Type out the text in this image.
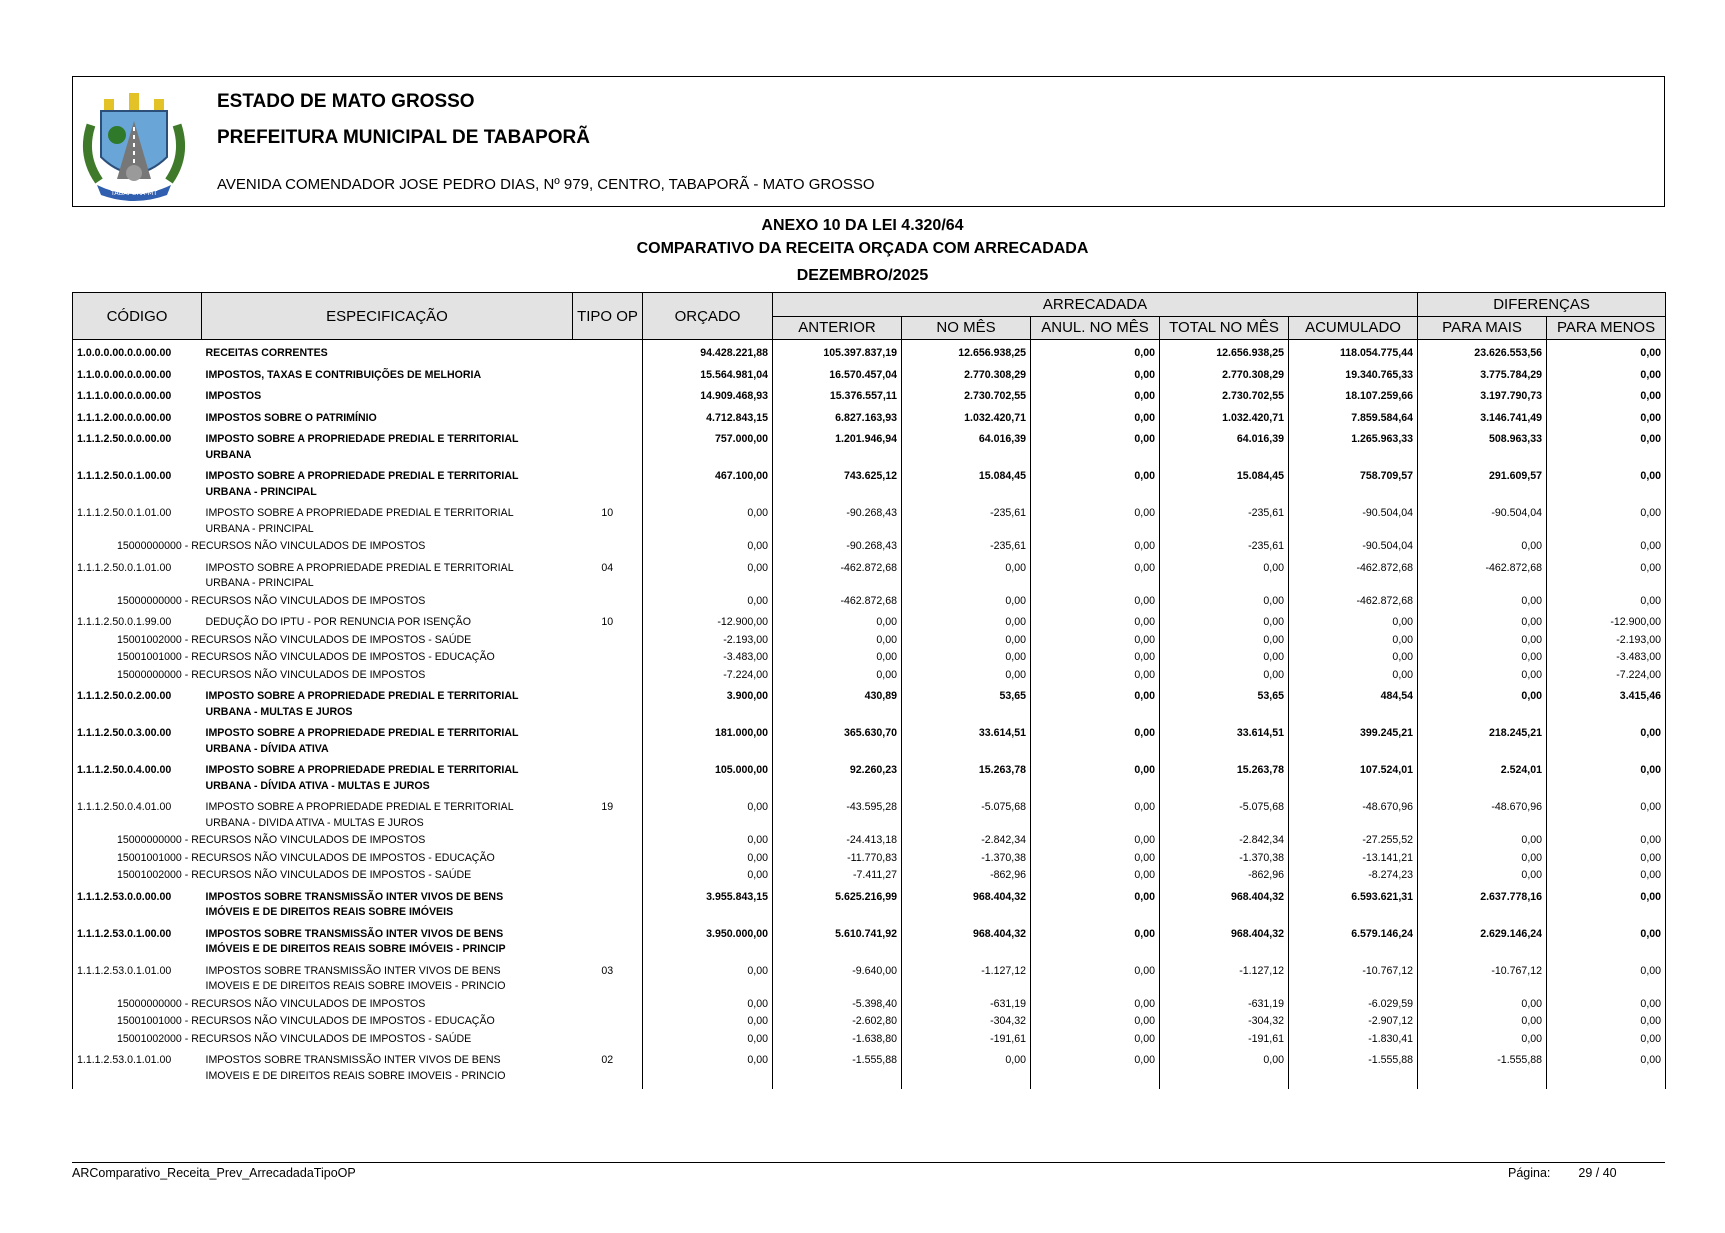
TABAPORÃ-MT
ESTADO DE MATO GROSSO
PREFEITURA MUNICIPAL DE TABAPORÃ
AVENIDA COMENDADOR JOSE PEDRO DIAS, Nº 979, CENTRO, TABAPORÃ - MATO GROSSO
ANEXO 10 DA LEI 4.320/64
COMPARATIVO DA RECEITA ORÇADA COM ARRECADADA
DEZEMBRO/2025
CÓDIGO	ESPECIFICAÇÃO	TIPO OP	ORÇADO	ARRECADADA					DIFERENÇAS	
				ANTERIOR	NO MÊS	ANUL. NO MÊS	TOTAL NO MÊS	ACUMULADO	PARA MAIS	PARA MENOS
1.0.0.0.00.0.0.00.00	RECEITAS CORRENTES		94.428.221,88	105.397.837,19	12.656.938,25	0,00	12.656.938,25	118.054.775,44	23.626.553,56	0,00

1.1.0.0.00.0.0.00.00	IMPOSTOS, TAXAS E CONTRIBUIÇÕES DE MELHORIA		15.564.981,04	16.570.457,04	2.770.308,29	0,00	2.770.308,29	19.340.765,33	3.775.784,29	0,00

1.1.1.0.00.0.0.00.00	IMPOSTOS		14.909.468,93	15.376.557,11	2.730.702,55	0,00	2.730.702,55	18.107.259,66	3.197.790,73	0,00

1.1.1.2.00.0.0.00.00	IMPOSTOS SOBRE O PATRIMÍNIO		4.712.843,15	6.827.163,93	1.032.420,71	0,00	1.032.420,71	7.859.584,64	3.146.741,49	0,00

1.1.1.2.50.0.0.00.00	IMPOSTO SOBRE A PROPRIEDADE PREDIAL E TERRITORIAL
URBANA		757.000,00	1.201.946,94	64.016,39	0,00	64.016,39	1.265.963,33	508.963,33	0,00

1.1.1.2.50.0.1.00.00	IMPOSTO SOBRE A PROPRIEDADE PREDIAL E TERRITORIAL
URBANA - PRINCIPAL		467.100,00	743.625,12	15.084,45	0,00	15.084,45	758.709,57	291.609,57	0,00

1.1.1.2.50.0.1.01.00	IMPOSTO SOBRE A PROPRIEDADE PREDIAL E TERRITORIAL
URBANA - PRINCIPAL	10	0,00	-90.268,43	-235,61	0,00	-235,61	-90.504,04	-90.504,04	0,00
15000000000 - RECURSOS NÃO VINCULADOS DE IMPOSTOS			0,00	-90.268,43	-235,61	0,00	-235,61	-90.504,04	0,00	0,00

1.1.1.2.50.0.1.01.00	IMPOSTO SOBRE A PROPRIEDADE PREDIAL E TERRITORIAL
URBANA - PRINCIPAL	04	0,00	-462.872,68	0,00	0,00	0,00	-462.872,68	-462.872,68	0,00
15000000000 - RECURSOS NÃO VINCULADOS DE IMPOSTOS			0,00	-462.872,68	0,00	0,00	0,00	-462.872,68	0,00	0,00

1.1.1.2.50.0.1.99.00	DEDUÇÃO DO IPTU - POR RENUNCIA POR ISENÇÃO	10	-12.900,00	0,00	0,00	0,00	0,00	0,00	0,00	-12.900,00
15001002000 - RECURSOS NÃO VINCULADOS DE IMPOSTOS - SAÚDE			-2.193,00	0,00	0,00	0,00	0,00	0,00	0,00	-2.193,00
15001001000 - RECURSOS NÃO VINCULADOS DE IMPOSTOS - EDUCAÇÃO			-3.483,00	0,00	0,00	0,00	0,00	0,00	0,00	-3.483,00
15000000000 - RECURSOS NÃO VINCULADOS DE IMPOSTOS			-7.224,00	0,00	0,00	0,00	0,00	0,00	0,00	-7.224,00

1.1.1.2.50.0.2.00.00	IMPOSTO SOBRE A PROPRIEDADE PREDIAL E TERRITORIAL
URBANA - MULTAS E JUROS		3.900,00	430,89	53,65	0,00	53,65	484,54	0,00	3.415,46

1.1.1.2.50.0.3.00.00	IMPOSTO SOBRE A PROPRIEDADE PREDIAL E TERRITORIAL
URBANA - DÍVIDA ATIVA		181.000,00	365.630,70	33.614,51	0,00	33.614,51	399.245,21	218.245,21	0,00

1.1.1.2.50.0.4.00.00	IMPOSTO SOBRE A PROPRIEDADE PREDIAL E TERRITORIAL
URBANA - DÍVIDA ATIVA - MULTAS E JUROS		105.000,00	92.260,23	15.263,78	0,00	15.263,78	107.524,01	2.524,01	0,00

1.1.1.2.50.0.4.01.00	IMPOSTO SOBRE A PROPRIEDADE PREDIAL E TERRITORIAL
URBANA - DIVIDA ATIVA - MULTAS E JUROS	19	0,00	-43.595,28	-5.075,68	0,00	-5.075,68	-48.670,96	-48.670,96	0,00
15000000000 - RECURSOS NÃO VINCULADOS DE IMPOSTOS			0,00	-24.413,18	-2.842,34	0,00	-2.842,34	-27.255,52	0,00	0,00
15001001000 - RECURSOS NÃO VINCULADOS DE IMPOSTOS - EDUCAÇÃO			0,00	-11.770,83	-1.370,38	0,00	-1.370,38	-13.141,21	0,00	0,00
15001002000 - RECURSOS NÃO VINCULADOS DE IMPOSTOS - SAÚDE			0,00	-7.411,27	-862,96	0,00	-862,96	-8.274,23	0,00	0,00

1.1.1.2.53.0.0.00.00	IMPOSTOS SOBRE TRANSMISSÃO INTER VIVOS DE BENS
IMÓVEIS E DE DIREITOS REAIS SOBRE IMÓVEIS		3.955.843,15	5.625.216,99	968.404,32	0,00	968.404,32	6.593.621,31	2.637.778,16	0,00

1.1.1.2.53.0.1.00.00	IMPOSTOS SOBRE TRANSMISSÃO INTER VIVOS DE BENS
IMÓVEIS E DE DIREITOS REAIS SOBRE IMÓVEIS - PRINCIP		3.950.000,00	5.610.741,92	968.404,32	0,00	968.404,32	6.579.146,24	2.629.146,24	0,00

1.1.1.2.53.0.1.01.00	IMPOSTOS SOBRE TRANSMISSÃO INTER VIVOS DE BENS
IMOVEIS E DE DIREITOS REAIS SOBRE IMOVEIS - PRINCIO	03	0,00	-9.640,00	-1.127,12	0,00	-1.127,12	-10.767,12	-10.767,12	0,00
15000000000 - RECURSOS NÃO VINCULADOS DE IMPOSTOS			0,00	-5.398,40	-631,19	0,00	-631,19	-6.029,59	0,00	0,00
15001001000 - RECURSOS NÃO VINCULADOS DE IMPOSTOS - EDUCAÇÃO			0,00	-2.602,80	-304,32	0,00	-304,32	-2.907,12	0,00	0,00
15001002000 - RECURSOS NÃO VINCULADOS DE IMPOSTOS - SAÚDE			0,00	-1.638,80	-191,61	0,00	-191,61	-1.830,41	0,00	0,00

1.1.1.2.53.0.1.01.00	IMPOSTOS SOBRE TRANSMISSÃO INTER VIVOS DE BENS
IMOVEIS E DE DIREITOS REAIS SOBRE IMOVEIS - PRINCIO	02	0,00	-1.555,88	0,00	0,00	0,00	-1.555,88	-1.555,88	0,00

ARComparativo_Receita_Prev_ArrecadadaTipoOP	Página: 29 / 40
